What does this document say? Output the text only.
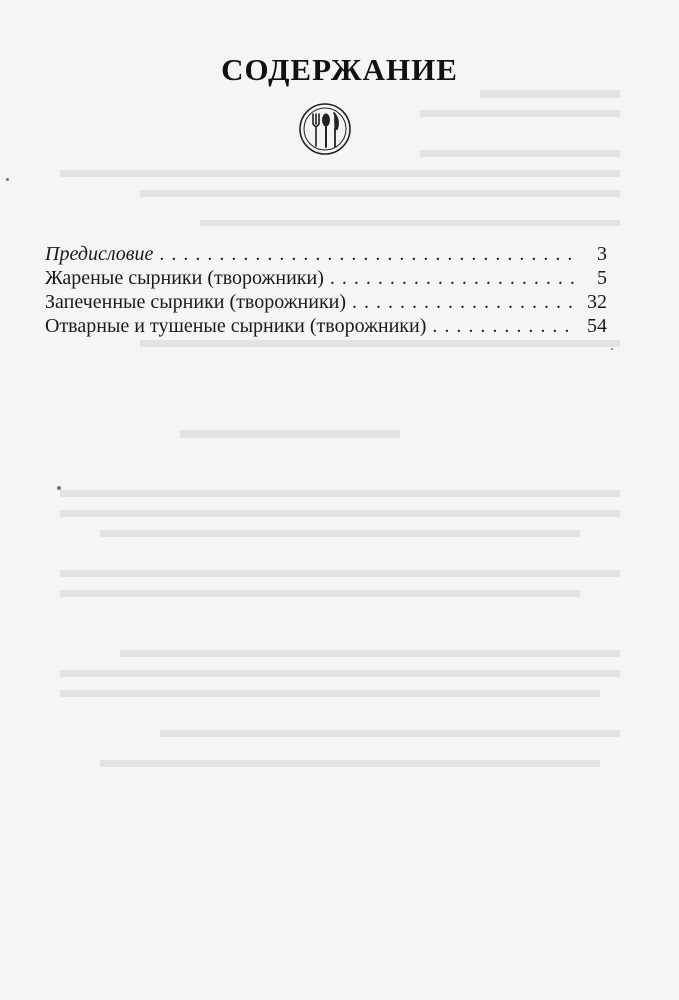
СОДЕРЖАНИЕ
Предисловие . . .	3
Жареные сырники (творожники) . . .	5
Запеченные сырники (творожники) . . .	32
Отварные и тушеные сырники (творожники) . . .	54
